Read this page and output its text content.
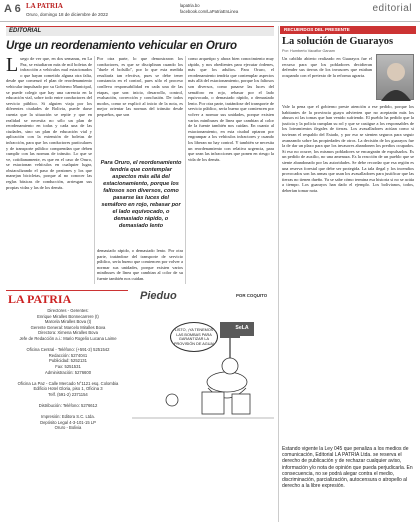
A 6 LA PATRIA
Oruro, domingo 18 de diciembre de 2022
lapatria.bo
facebook.com/LaPatriaEnLinea	editorial
EDITORIAL
Urge un reordenamiento vehicular en Oruro
Luego de ver que, en dos semanas, en La Paz, se estudiaron más de mil boletas de infracción a vehículos mal estacionados o que hayan cometido alguna otra falta, desde que comenzó el plan de reordenamiento vehicular impulsado por su Gobierno Municipal, se puede colegir que hay una carencia en la educación vial, sobre todo entre conductores del servicio público. Si alguien viaja por los diferentes ciudades de Bolivia, puede darse cuenta que la situación se repite y que en realidad se necesita no sólo un plan de reordenamiento en todas y cada una de las ciudades, sino un plan de educación vial y aplicación con la extensión de boletas de infracción, para que los conductores particulares y de transporte público comprendan que deben cumplir con las normas de tránsito. Lo que se ve, cotidianamente, es que en el caso de Oruro, se estacionan vehículos en cualquier lugar, obstaculizando el paso de peatones y los que manejan bicicletas, porque al no conocer las reglas básicas de conducción, arriesgan sus propias vidas y las de los demás.
Por otra parte, lo que demostraron los conductores, es que se disciplinan cuando los "duele el bolsillo", por lo que esta medida resultaría tan efectiva, pues se debe tener constancia en el control, pues sólo el proceso conlleva responsabilidad en cada una de las etapas, que son: inicio, desarrollo, control, evaluación, corrección y conclusión. De todos modos, como se explicó al inicio de la nota, es mejor orientar las normas del tránsito desde pequeños, que son
Para Oruro, el reordenamiento tendría que contemplar aspectos más allá del estacionamiento, porque los faltosos son diversos, como pasarse las luces del semáforo en rojo, rebasar por el lado equivocado, o demasiado rápido, o demasiado lento
demasiado rápido, o demasiado lento. Por otra parte, tratándose del transporte de servicio público, sería bueno que comiencen por volver a normar sus unidades, porque existen varios minibuses de línea que cambian al color de su fuente también nos cuidan.
como arquetipo y ahora bien conocimiento muy rápido, y nos obedientes para ejecutar órdenes, más que los adultos. Para Oruro, el reordenamiento tendría que contemplar aspectos más allá del estacionamiento, porque los faltosos son diversos, como pasarse las luces del semáforo en rojo, rebasar por el lado equivocado, o demasiado rápido, o demasiado lento. Por otra parte, tratándose del transporte de servicio público, sería bueno que comiencen por volver a normar sus unidades, porque existen varios minibuses de línea que cambian al color de la fuente también nos cuidan. En cuanto al estacionamiento, en esta ciudad optaron por engrampar a los vehículos infractores y cuando los liberan no hay control. Y también se necesita un reordenamiento con relativa urgencia, para que sean las infracciones que ponen en riesgo la vida de los demás.
RECUERDOS DEL PRESENTE
La solución de Guarayos
Por: Humberto Vacaflor Ganam
Un cabildo abierto realizado en Guarayos fue el recurso para que los pobladores decidieran defender sus tierras de los invasores que estaban ocupando con el pretexto de la reforma agraria.
Vale la pena que el gobierno preste atención a ese pedido, porque los habitantes de la provincia guaya advierten que no aceptarán más los abusos ni las tomas que han venido sufriendo. El pueblo ha pedido que la justicia y la policía cumplan su rol y que se castigue a los responsables de los loteamientos ilegales de tierras. Los avasalladores actúan como si tuvieran el respaldo del Estado, y por eso se sienten seguros para seguir avanzando sobre las propiedades de otros. La decisión de los guarayos fue la de dar un plazo para que los invasores abandonen los predios ocupados. Si eso no ocurre, los mismos pobladores se encargarán de expulsarlos. Es un pedido de auxilio, no una amenaza. Es la reacción de un pueblo que se siente abandonado por las autoridades. Se debe recordar que esa región es una reserva forestal que debe ser protegida. La tala ilegal y los incendios provocados son las armas que usan los avasalladores para justificar que las tierras no tienen dueño. Ya se sabe cómo termina esa historia si no se actúa a tiempo. Los guarayos han dado el ejemplo. Los bolivianos, todos, deberían tomar nota.
LA PATRIA
Directores - Gerentes:
Enrique Miralles Bonnecarrere (t)
Marcela Miralles Bova (t)
Gerente General: Marcelo Miralles Bova
Directora: Ximena Miralles Bova
Jefe de Redacción a.i.: Mario Rogelio Lucana Laime

Oficina Central - Teléfono: (+591-2) 5251542
Redacción: 5274041
Publicidad: 5252131
Fax: 5251531
Administración: 5276600

Oficina La Paz - Calle Mercado N°1121 esq. Colombia
Edificio Hotel Gloria, piso 1, Oficina 3
Telf. (591-2) 2371154

Distribución: Teléfono: 5276612

Impresión: Editora S.C. Ltda.
Depósito Legal 4-3-101-15 LP
Oruro - Bolivia
Pieduo	POR COQUITO
LISTO, ¡YA TENEMOS LAS BOMBAS PARA GARANTIZAR LA PROVISIÓN DE AGUA!
SeLA
Estando vigente la Ley 045 que penaliza a los medios de comunicación, Editorial LA PATRIA Ltda. se reserva el derecho de publicación y de rechazar cualquier aviso, información y/o nota de opinión que pueda perjudicarla. En consecuencia, no se podrá alegar contra el medio, discriminación, parcialización, autocensura o atropello al derecho a la libre expresión.
